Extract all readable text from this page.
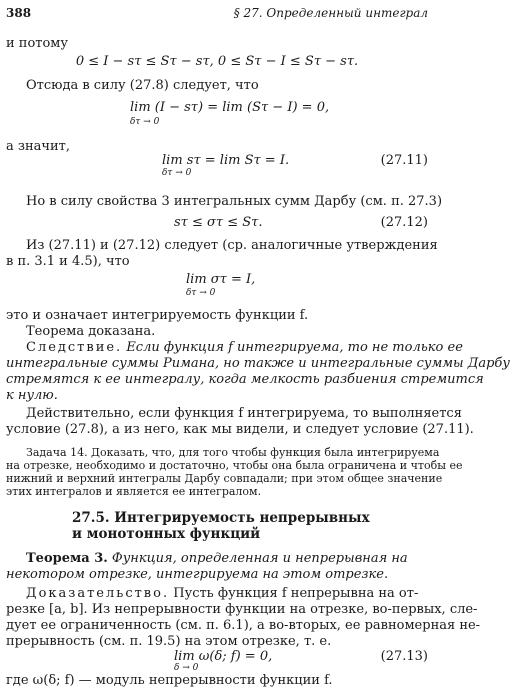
388	§ 27. Определенный интеграл
и потому
0 ≤ I − sτ ≤ Sτ − sτ, 0 ≤ Sτ − I ≤ Sτ − sτ.
Отсюда в силу (27.8) следует, что
lim (I − sτ) = lim (Sτ − I) = 0,
δτ → 0
а значит,
lim sτ = lim Sτ = I.
δτ → 0
(27.11)
Но в силу свойства 3 интегральных сумм Дарбу (см. п. 27.3)
sτ ≤ στ ≤ Sτ.	(27.12)
Из (27.11) и (27.12) следует (ср. аналогичные утверждения
в п. 3.1 и 4.5), что
lim στ = I,
δτ → 0
это и означает интегрируемость функции f.
Теорема доказана.
Следствие. Если функция f интегрируема, то не только ее
интегральные суммы Римана, но также и интегральные суммы Дарбу
стремятся к ее интегралу, когда мелкость разбиения стремится
к нулю.
Действительно, если функция f интегрируема, то выполняется
условие (27.8), а из него, как мы видели, и следует условие (27.11).
Задача 14. Доказать, что, для того чтобы функция была интегрируема
на отрезке, необходимо и достаточно, чтобы она была ограничена и чтобы ее
нижний и верхний интегралы Дарбу совпадали; при этом общее значение
этих интегралов и является ее интегралом.
27.5. Интегрируемость непрерывных
и монотонных функций
Теорема 3. Функция, определенная и непрерывная на
некотором отрезке, интегрируема на этом отрезке.
Доказательство. Пусть функция f непрерывна на от-
резке [a, b]. Из непрерывности функции на отрезке, во-первых, сле-
дует ее ограниченность (см. п. 6.1), а во-вторых, ее равномерная не-
прерывность (см. п. 19.5) на этом отрезке, т. е.
lim ω(δ; f) = 0,
δ → 0
(27.13)
где ω(δ; f) — модуль непрерывности функции f.
